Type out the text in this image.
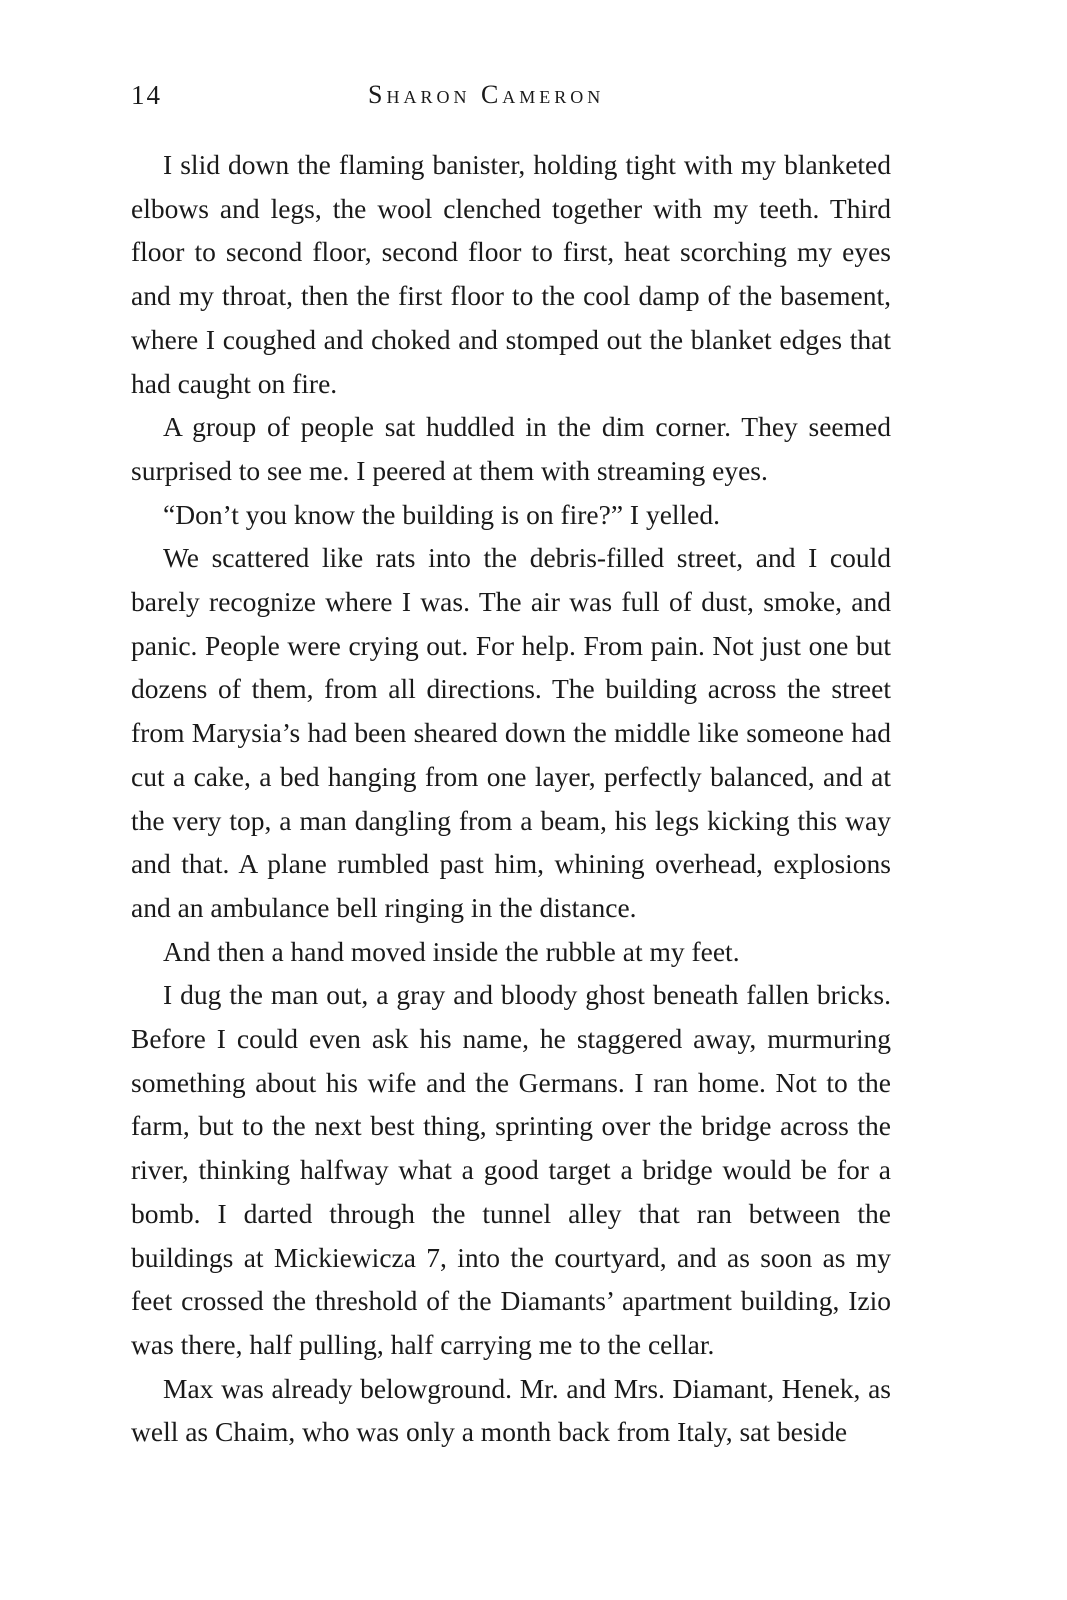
14	Sharon Cameron

I slid down the flaming banister, holding tight with my blanketed elbows and legs, the wool clenched together with my teeth. Third floor to second floor, second floor to first, heat scorching my eyes and my throat, then the first floor to the cool damp of the basement, where I coughed and choked and stomped out the blanket edges that had caught on fire.

A group of people sat huddled in the dim corner. They seemed surprised to see me. I peered at them with streaming eyes.

“Don’t you know the building is on fire?” I yelled.

We scattered like rats into the debris-filled street, and I could barely recognize where I was. The air was full of dust, smoke, and panic. People were crying out. For help. From pain. Not just one but dozens of them, from all directions. The building across the street from Marysia’s had been sheared down the middle like someone had cut a cake, a bed hanging from one layer, perfectly balanced, and at the very top, a man dangling from a beam, his legs kicking this way and that. A plane rumbled past him, whining overhead, explosions and an ambulance bell ringing in the distance.

And then a hand moved inside the rubble at my feet.

I dug the man out, a gray and bloody ghost beneath fallen bricks. Before I could even ask his name, he staggered away, murmuring something about his wife and the Germans. I ran home. Not to the farm, but to the next best thing, sprinting over the bridge across the river, thinking halfway what a good target a bridge would be for a bomb. I darted through the tunnel alley that ran between the buildings at Mickiewicza 7, into the courtyard, and as soon as my feet crossed the threshold of the Diamants’ apartment building, Izio was there, half pulling, half carrying me to the cellar.

Max was already belowground. Mr. and Mrs. Diamant, Henek, as well as Chaim, who was only a month back from Italy, sat beside
